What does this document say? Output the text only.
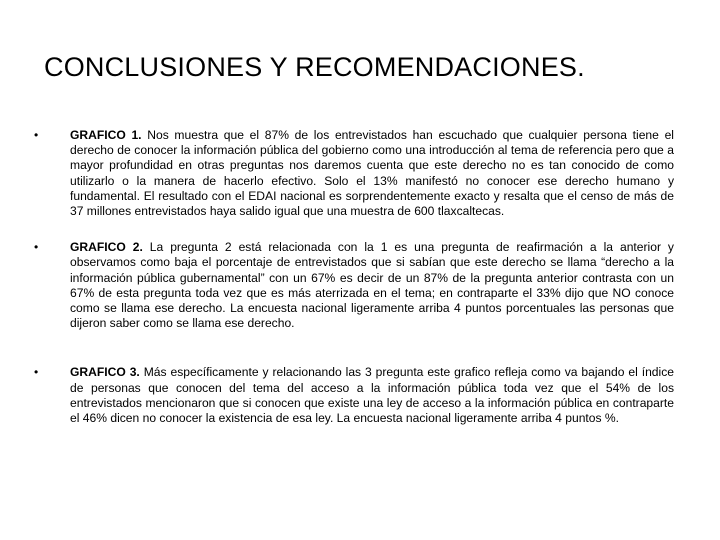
CONCLUSIONES Y RECOMENDACIONES.
•	GRAFICO 1. Nos muestra que el 87% de los entrevistados han escuchado que cualquier persona tiene el derecho de conocer la información pública del gobierno como una introducción al tema de referencia pero que a mayor profundidad en otras preguntas nos daremos cuenta que este derecho no es tan conocido de como utilizarlo o la manera de hacerlo efectivo. Solo el 13% manifestó no conocer ese derecho humano y fundamental. El resultado con el EDAI nacional es sorprendentemente exacto y resalta que el censo de más de 37 millones entrevistados haya salido igual que una muestra de 600 tlaxcaltecas.
•	GRAFICO 2. La pregunta 2 está relacionada con la 1 es una pregunta de reafirmación a la anterior y observamos como baja el porcentaje de entrevistados que si sabían que este derecho se llama “derecho a la información pública gubernamental” con un 67% es decir de un 87% de la pregunta anterior contrasta con un 67% de esta pregunta toda vez que es más aterrizada en el tema; en contraparte el 33% dijo que NO conoce como se llama ese derecho. La encuesta nacional ligeramente arriba 4 puntos porcentuales las personas que dijeron saber como se llama ese derecho.
•	GRAFICO 3. Más específicamente y relacionando las 3 pregunta este grafico refleja como va bajando el índice de personas que conocen del tema del acceso a la información pública toda vez que el 54% de los entrevistados mencionaron que si conocen que existe una ley de acceso a la información pública en contraparte el 46% dicen no conocer la existencia de esa ley. La encuesta nacional ligeramente arriba 4 puntos %.
